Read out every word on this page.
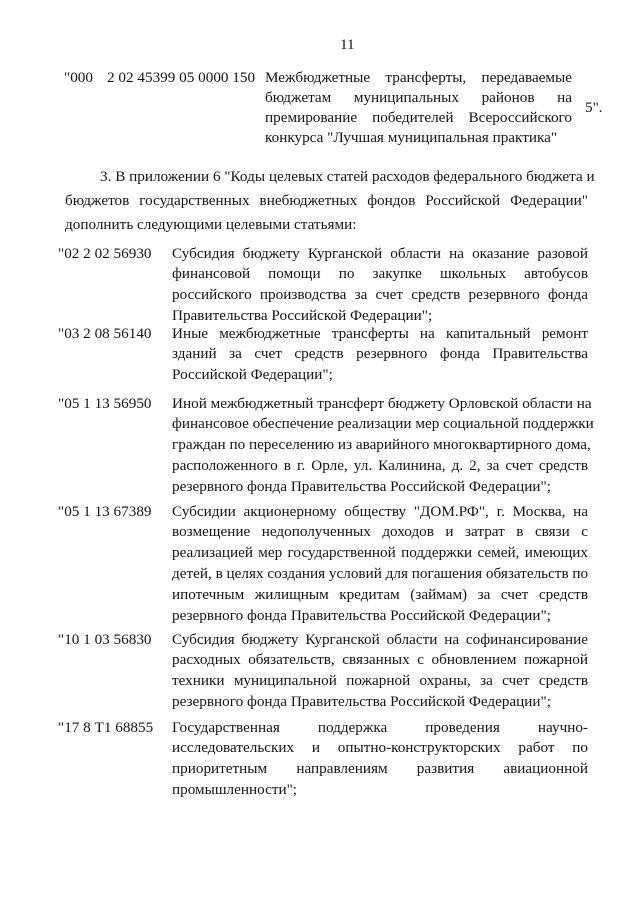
11
"000 2 02 45399 05 0000 150 Межбюджетные трансферты, передаваемые
бюджетам муниципальных районов на
премирование победителей Всероссийского
конкурса "Лучшая муниципальная практика"
5".
3. В приложении 6 "Коды целевых статей расходов федерального бюджета и
бюджетов государственных внебюджетных фондов Российской Федерации"
дополнить следующими целевыми статьями:
"02 2 02 56930 Субсидия бюджету Курганской области на оказание разовой
финансовой помощи по закупке школьных автобусов
российского производства за счет средств резервного фонда
Правительства Российской Федерации";
"03 2 08 56140 Иные межбюджетные трансферты на капитальный ремонт
зданий за счет средств резервного фонда Правительства
Российской Федерации";
"05 1 13 56950 Иной межбюджетный трансферт бюджету Орловской области на
финансовое обеспечение реализации мер социальной поддержки
граждан по переселению из аварийного многоквартирного дома,
расположенного в г. Орле, ул. Калинина, д. 2, за счет средств
резервного фонда Правительства Российской Федерации";
"05 1 13 67389 Субсидии акционерному обществу "ДОМ.РФ", г. Москва, на
возмещение недополученных доходов и затрат в связи с
реализацией мер государственной поддержки семей, имеющих
детей, в целях создания условий для погашения обязательств по
ипотечным жилищным кредитам (займам) за счет средств
резервного фонда Правительства Российской Федерации";
"10 1 03 56830 Субсидия бюджету Курганской области на софинансирование
расходных обязательств, связанных с обновлением пожарной
техники муниципальной пожарной охраны, за счет средств
резервного фонда Правительства Российской Федерации";
"17 8 Т1 68855 Государственная поддержка проведения научно-
исследовательских и опытно-конструкторских работ по
приоритетным направлениям развития авиационной
промышленности";
